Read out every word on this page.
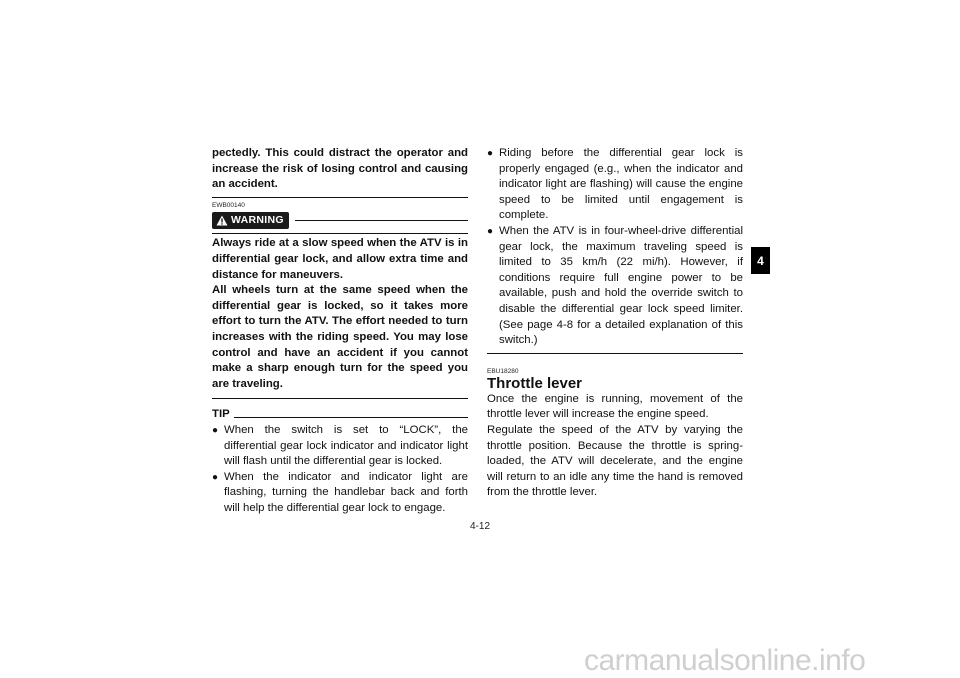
pectedly. This could distract the operator and increase the risk of losing control and causing an accident.

EWB00140
WARNING

Always ride at a slow speed when the ATV is in differential gear lock, and allow extra time and distance for maneuvers.

All wheels turn at the same speed when the differential gear is locked, so it takes more effort to turn the ATV. The effort needed to turn increases with the riding speed. You may lose control and have an accident if you cannot make a sharp enough turn for the speed you are traveling.

TIP
● When the switch is set to “LOCK”, the differential gear lock indicator and indicator light will flash until the differential gear is locked.
● When the indicator and indicator light are flashing, turning the handlebar back and forth will help the differential gear lock to engage.
● Riding before the differential gear lock is properly engaged (e.g., when the indicator and indicator light are flashing) will cause the engine speed to be limited until engagement is complete.
● When the ATV is in four-wheel-drive differential gear lock, the maximum traveling speed is limited to 35 km/h (22 mi/h). However, if conditions require full engine power to be available, push and hold the override switch to disable the differential gear lock speed limiter. (See page 4-8 for a detailed explanation of this switch.)
EBU18280
Throttle lever

Once the engine is running, movement of the throttle lever will increase the engine speed.

Regulate the speed of the ATV by varying the throttle position. Because the throttle is spring-loaded, the ATV will decelerate, and the engine will return to an idle any time the hand is removed from the throttle lever.

4
4-12
carmanualsonline.info
